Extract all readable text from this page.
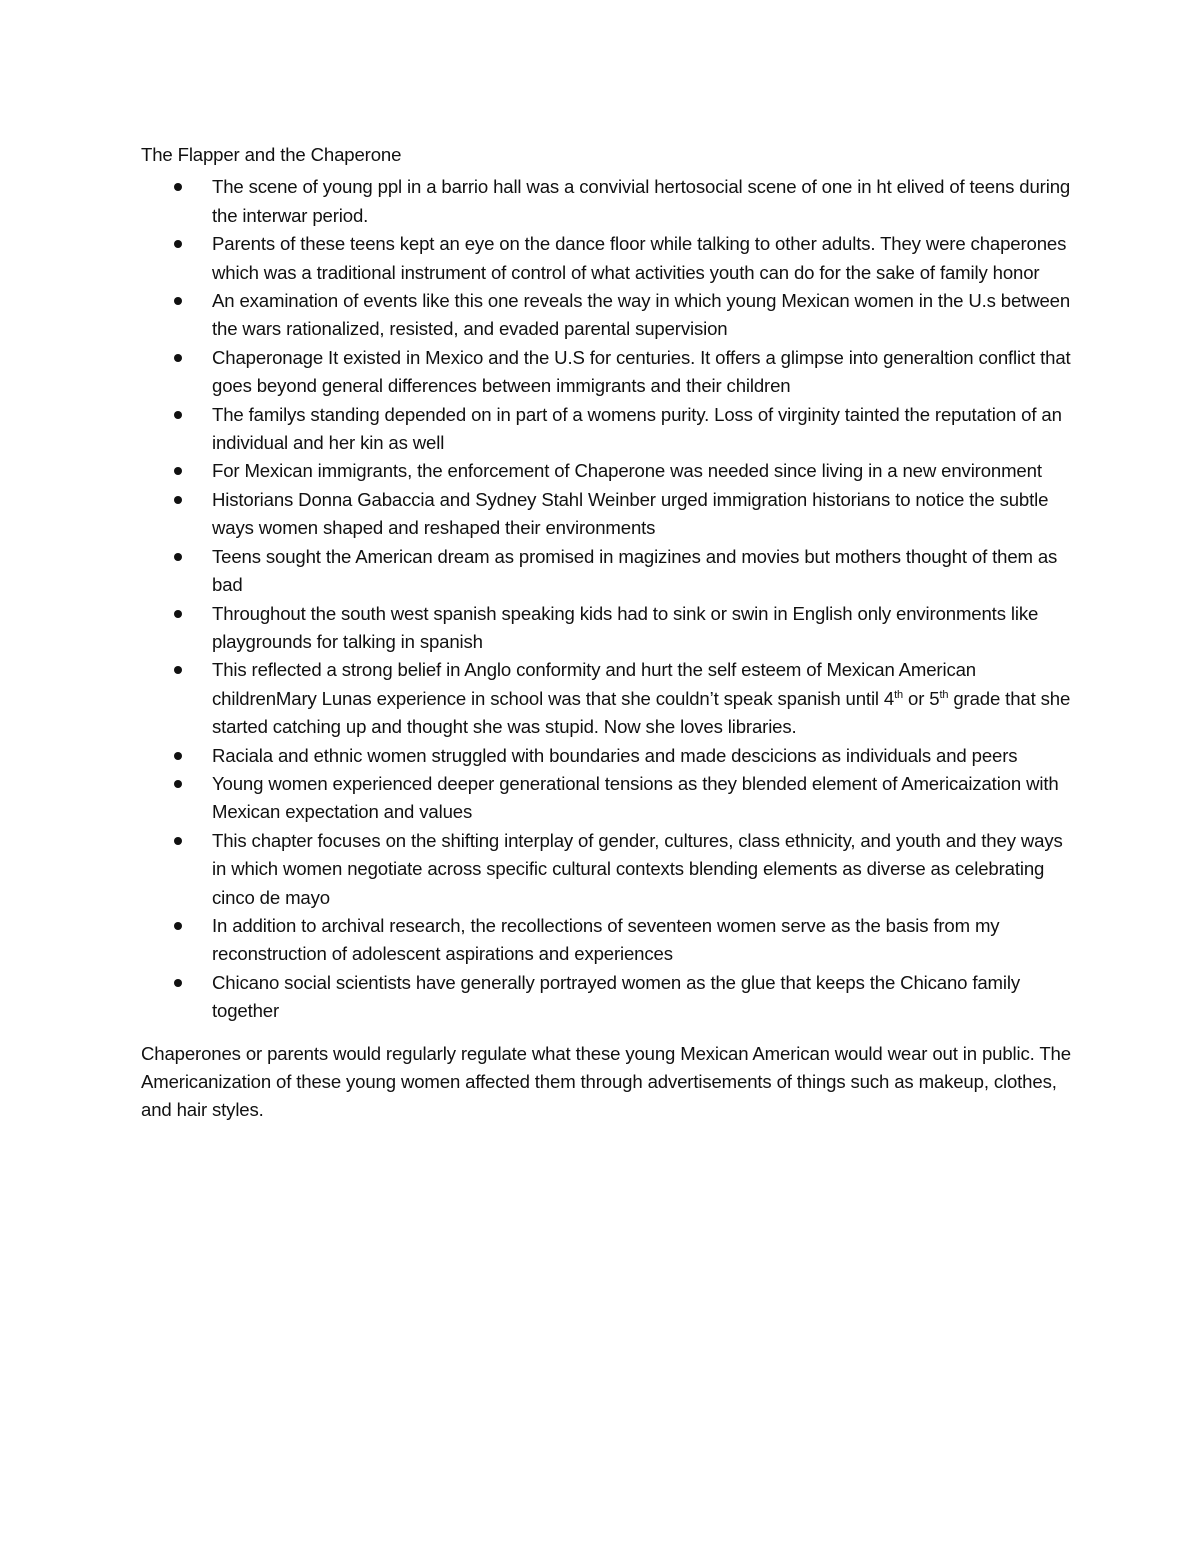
The Flapper and the Chaperone

The scene of young ppl in a barrio hall was a convivial hertosocial scene of one in ht elived of teens during the interwar period.
Parents of these teens kept an eye on the dance floor while talking to other adults. They were chaperones which was a traditional instrument of control of what activities youth can do for the sake of family honor
An examination of events like this one reveals the way in which young Mexican women in the U.s between the wars rationalized, resisted, and evaded parental supervision
Chaperonage It existed in Mexico and the U.S for centuries. It offers a glimpse into generaltion conflict that goes beyond general differences between immigrants and their children
The familys standing depended on in part of a womens purity. Loss of virginity tainted the reputation of an individual and her kin as well
For Mexican immigrants, the enforcement of Chaperone was needed since living in a new environment
Historians Donna Gabaccia and Sydney Stahl Weinber urged immigration historians to notice the subtle ways women shaped and reshaped their environments
Teens sought the American dream as promised in magizines and movies but mothers thought of them as bad
Throughout the south west spanish speaking kids had to sink or swin in English only environments like playgrounds for talking in spanish
This reflected a strong belief in Anglo conformity and hurt the self esteem of Mexican American childrenMary Lunas experience in school was that she couldn’t speak spanish until 4th or 5th grade that she started catching up and thought she was stupid. Now she loves libraries.
Raciala and ethnic women struggled with boundaries and made descicions as individuals and peers
Young women experienced deeper generational tensions as they blended element of Americaization with Mexican expectation and values
This chapter focuses on the shifting interplay of gender, cultures, class ethnicity, and youth and they ways in which women negotiate across specific cultural contexts blending elements as diverse as celebrating cinco de mayo
In addition to archival research, the recollections of seventeen women serve as the basis from my reconstruction of adolescent aspirations and experiences
Chicano social scientists have generally portrayed women as the glue that keeps the Chicano family together

Chaperones or parents would regularly regulate what these young Mexican American would wear out in public. The Americanization of these young women affected them through advertisements of things such as makeup, clothes, and hair styles.
